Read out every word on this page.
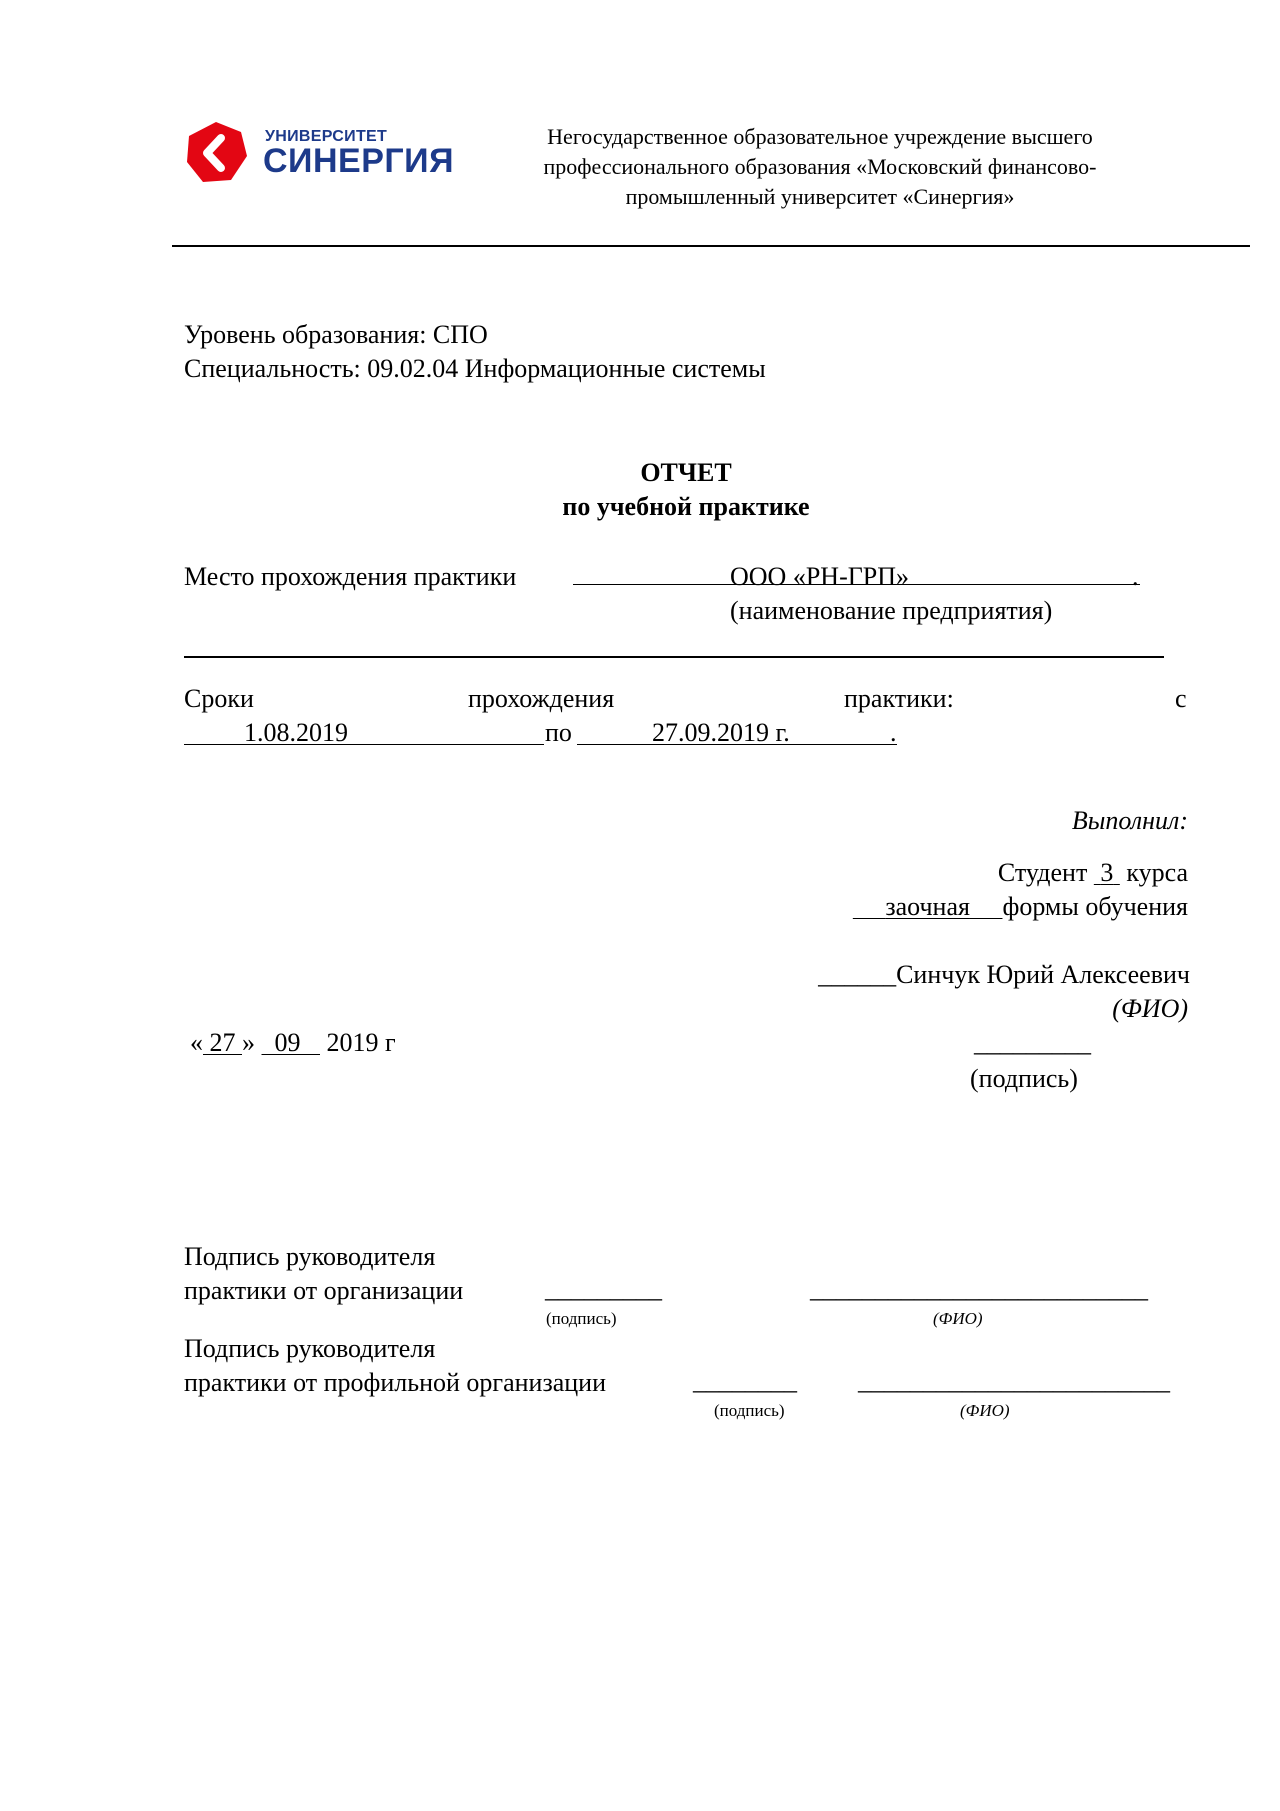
УНИВЕРСИТЕТ
СИНЕРГИЯ
Негосударственное образовательное учреждение высшего
профессионального образования «Московский финансово-
промышленный университет «Синергия»
Уровень образования: СПО
Специальность: 09.02.04 Информационные системы
ОТЧЕТ
по учебной практике
Место прохождения практики	ООО «РН-ГРП»	.
(наименование предприятия)
Сроки	прохождения	практики:	с
1.08.2019	по	27.09.2019 г.	.
Выполнил:
Студент 3 курса
заочная формы обучения
______Синчук Юрий Алексеевич
(ФИО)
« 27 » 09 2019 г	_________
(подпись)
Подпись руководителя
практики от организации	_________	__________________________
(подпись)	(ФИО)
Подпись руководителя
практики от профильной организации	________ ________________________
(подпись)	(ФИО)
